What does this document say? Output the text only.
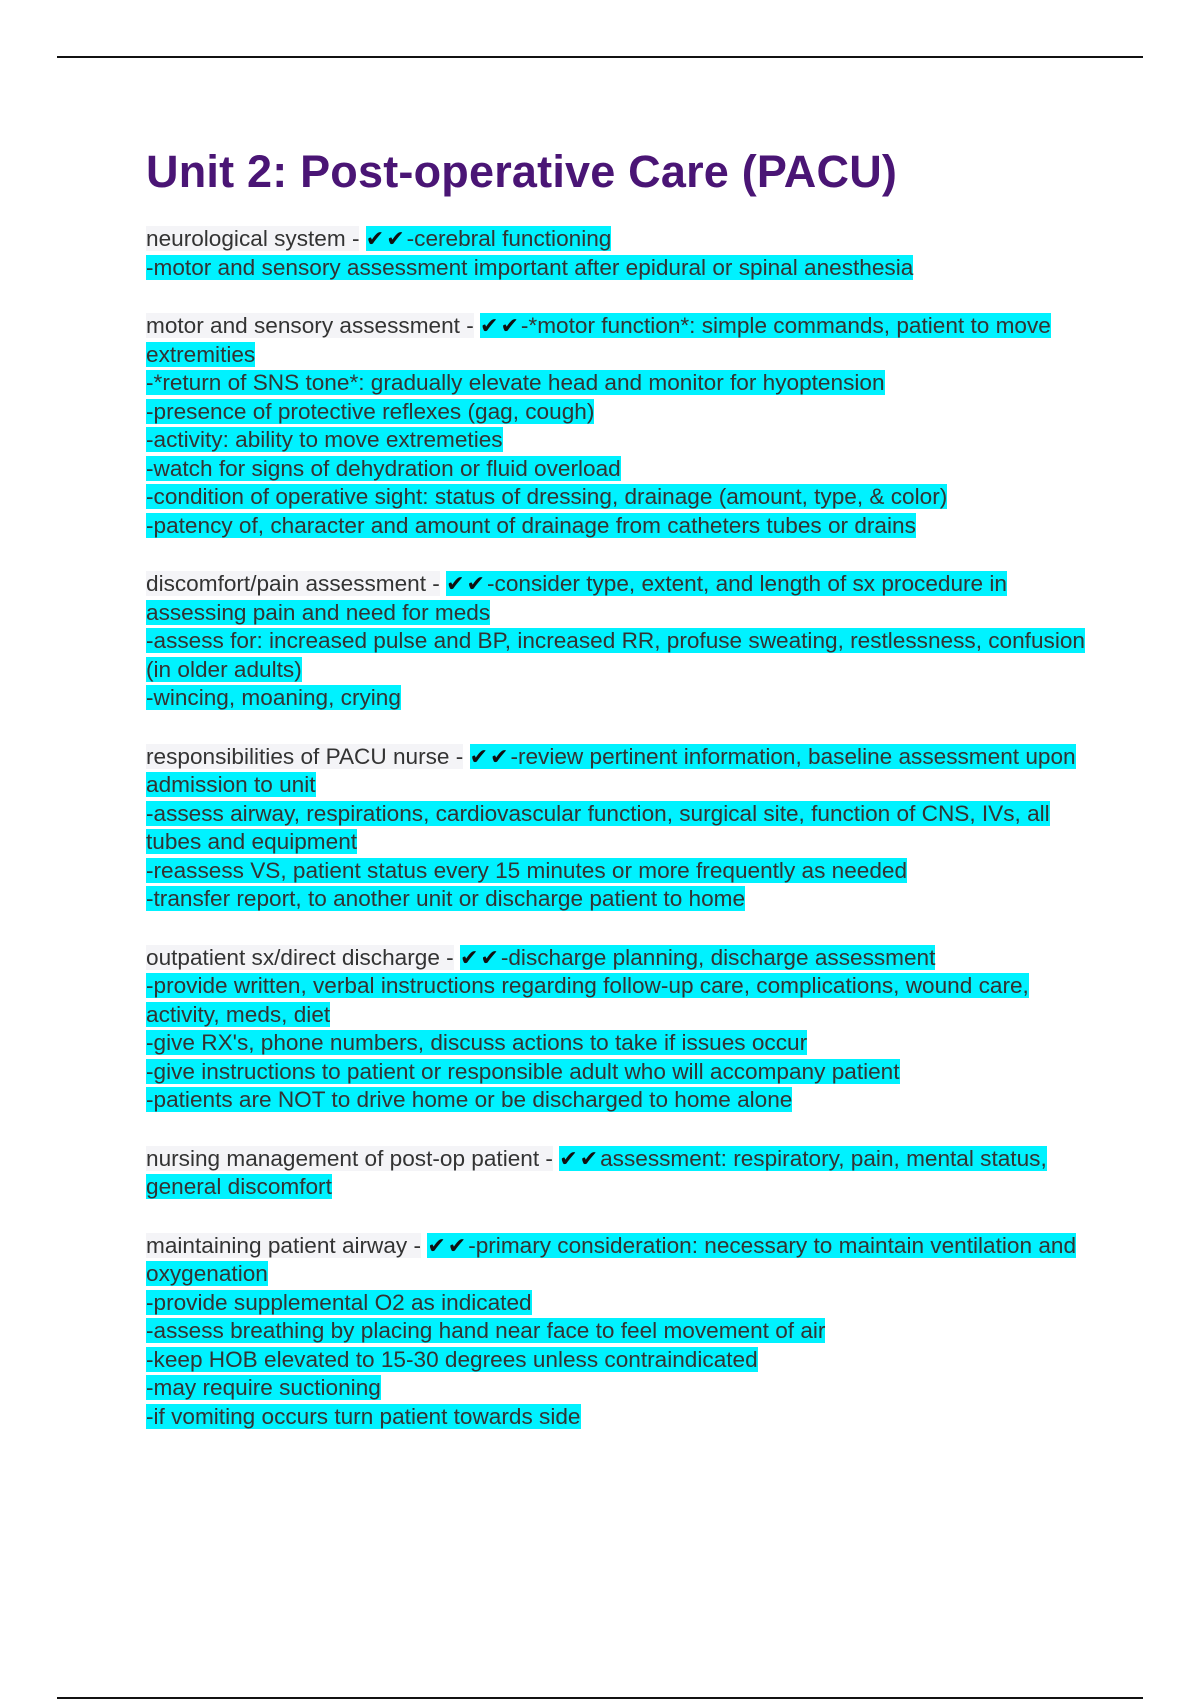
Unit 2: Post-operative Care (PACU)
neurological system - ✔✔-cerebral functioning
-motor and sensory assessment important after epidural or spinal anesthesia
motor and sensory assessment - ✔✔-*motor function*: simple commands, patient to move extremities
-*return of SNS tone*: gradually elevate head and monitor for hyoptension
-presence of protective reflexes (gag, cough)
-activity: ability to move extremeties
-watch for signs of dehydration or fluid overload
-condition of operative sight: status of dressing, drainage (amount, type, & color)
-patency of, character and amount of drainage from catheters tubes or drains
discomfort/pain assessment - ✔✔-consider type, extent, and length of sx procedure in assessing pain and need for meds
-assess for: increased pulse and BP, increased RR, profuse sweating, restlessness, confusion (in older adults)
-wincing, moaning, crying
responsibilities of PACU nurse - ✔✔-review pertinent information, baseline assessment upon admission to unit
-assess airway, respirations, cardiovascular function, surgical site, function of CNS, IVs, all tubes and equipment
-reassess VS, patient status every 15 minutes or more frequently as needed
-transfer report, to another unit or discharge patient to home
outpatient sx/direct discharge - ✔✔-discharge planning, discharge assessment
-provide written, verbal instructions regarding follow-up care, complications, wound care, activity, meds, diet
-give RX's, phone numbers, discuss actions to take if issues occur
-give instructions to patient or responsible adult who will accompany patient
-patients are NOT to drive home or be discharged to home alone
nursing management of post-op patient - ✔✔assessment: respiratory, pain, mental status, general discomfort
maintaining patient airway - ✔✔-primary consideration: necessary to maintain ventilation and oxygenation
-provide supplemental O2 as indicated
-assess breathing by placing hand near face to feel movement of air
-keep HOB elevated to 15-30 degrees unless contraindicated
-may require suctioning
-if vomiting occurs turn patient towards side
